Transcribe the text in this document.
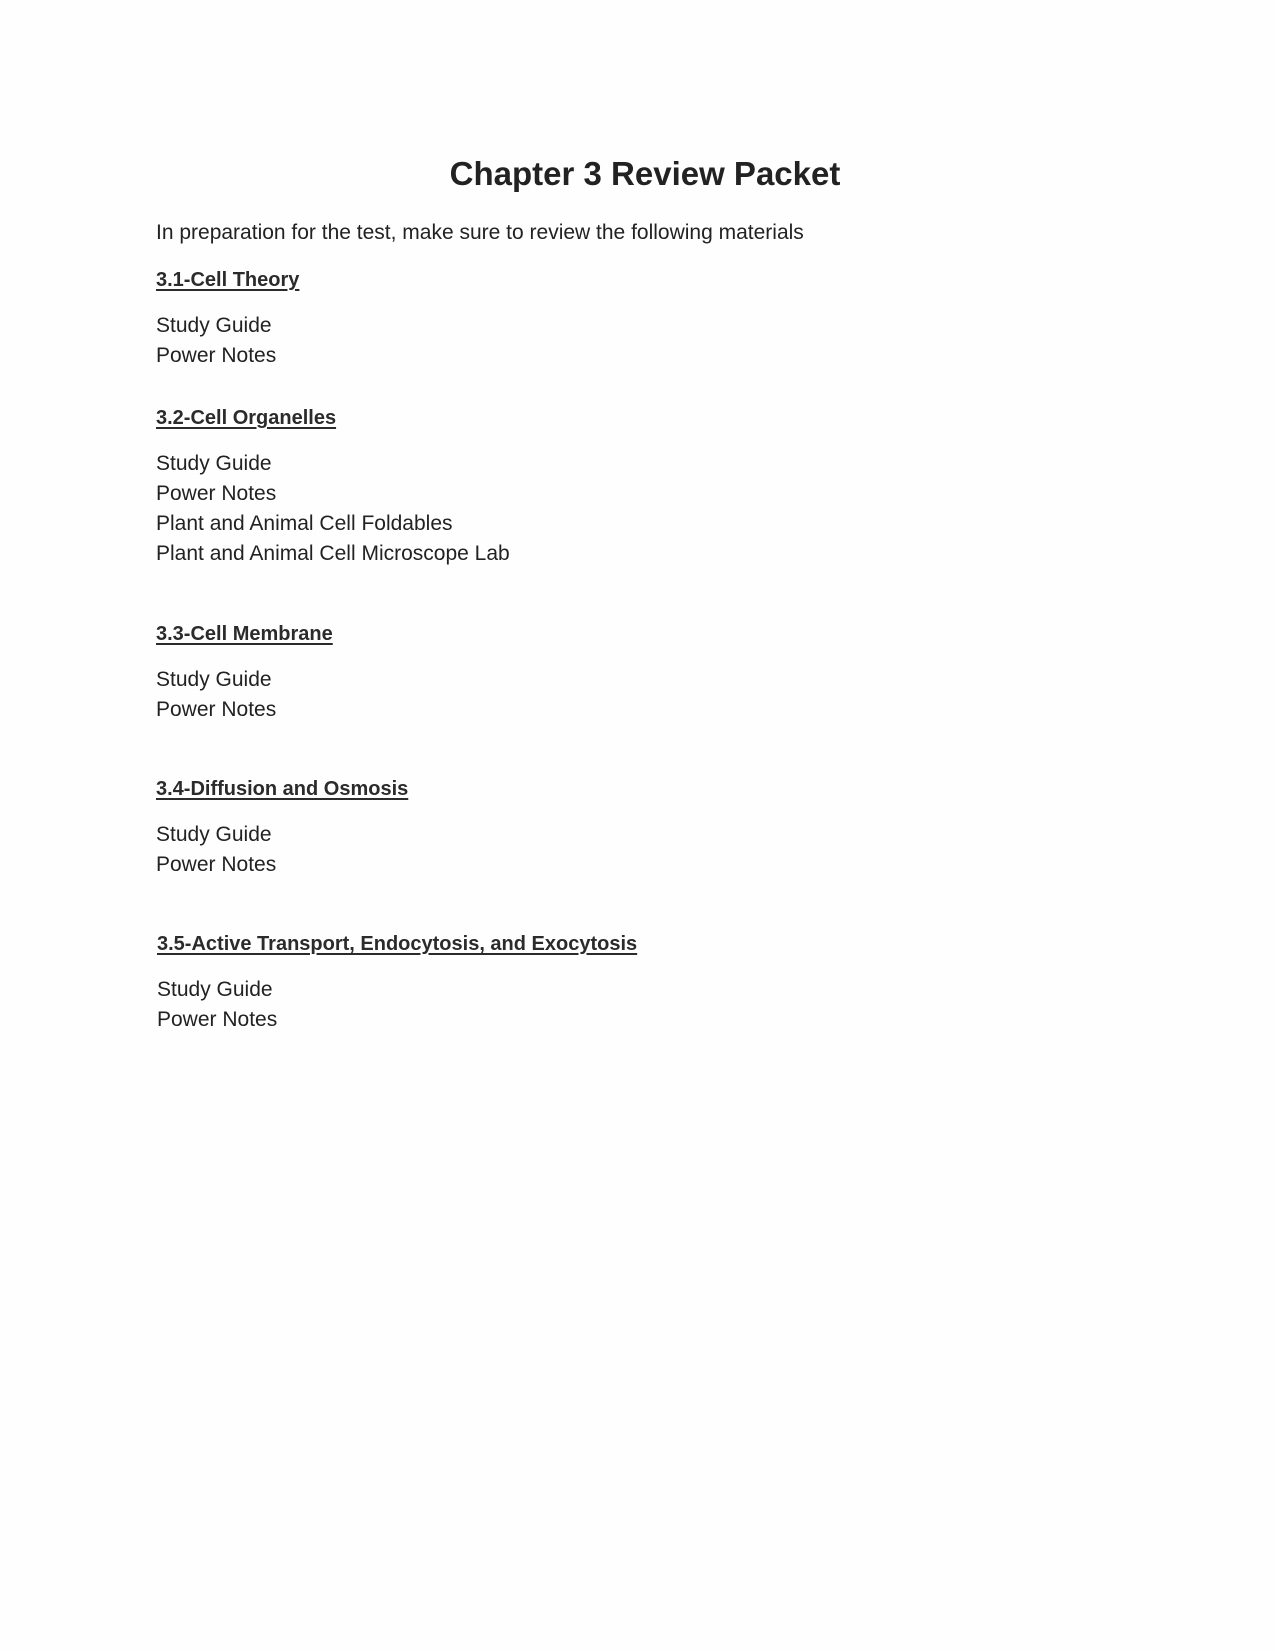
Chapter 3 Review Packet
In preparation for the test, make sure to review the following materials
3.1-Cell Theory
Study Guide
Power Notes
3.2-Cell Organelles
Study Guide
Power Notes
Plant and Animal Cell Foldables
Plant and Animal Cell Microscope Lab
3.3-Cell Membrane
Study Guide
Power Notes
3.4-Diffusion and Osmosis
Study Guide
Power Notes
3.5-Active Transport, Endocytosis, and Exocytosis
Study Guide
Power Notes
